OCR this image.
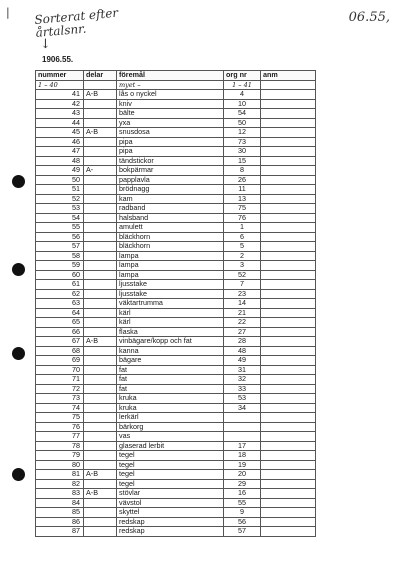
| Sorterat efter
årtalsnr.
↓
06.55,
1906.55.
nummer	delar	föremål	org nr	anm
1 – 40		myet –	1 – 41	
41	A-B	lås o nyckel	4	
42		kniv	10	
43		bälte	54	
44		yxa	50	
45	A-B	snusdosa	12	
46		pipa	73	
47		pipa	30	
48		tändstickor	15	
49	A-	bokpärmar	8	
50		papplavla	26	
51		brödnagg	11	
52		kam	13	
53		radband	75	
54		halsband	76	
55		amulett	1	
56		bläckhorn	6	
57		bläckhorn	5	
58		lampa	2	
59		lampa	3	
60		lampa	52	
61		ljusstake	7	
62		ljusstake	23	
63		väktartrumma	14	
64		kärl	21	
65		kärl	22	
66		flaska	27	
67	A-B	vinbägare/kopp och fat	28	
68		kanna	48	
69		bägare	49	
70		fat	31	
71		fat	32	
72		fat	33	
73		kruka	53	
74		kruka	34	
75		lerkärl		
76		bärkorg		
77		vas		
78		glaserad lerbit	17	
79		tegel	18	
80		tegel	19	
81	A-B	tegel	20	
82		tegel	29	
83	A-B	stövlar	16	
84		vävstol	55	
85		skyttel	9	
86		redskap	56	
87		redskap	57	
